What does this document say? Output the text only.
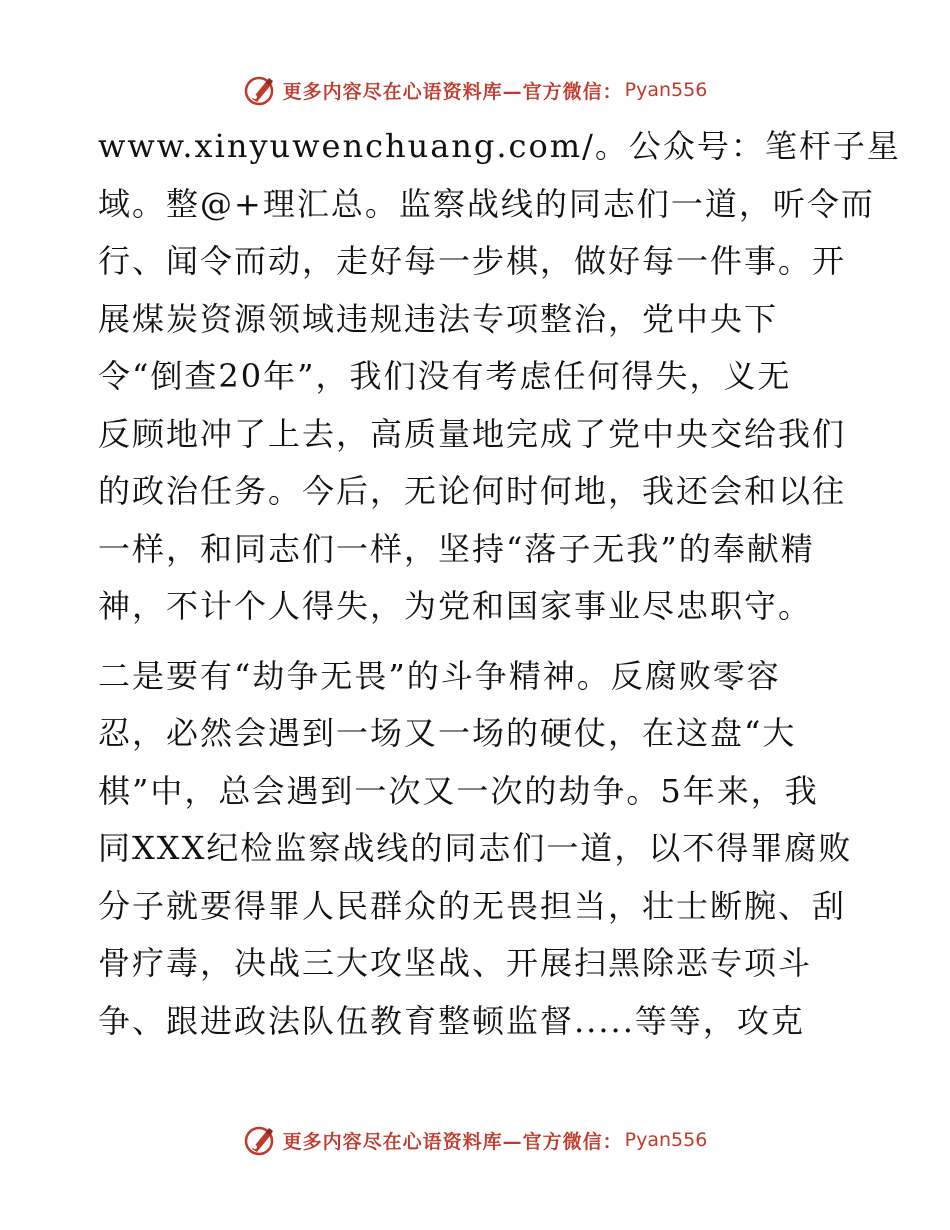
更多内容尽在心语资料库—官方微信： Pyan556
www.xinyuwenchuang.com/。公众号：笔杆子星
域。整@+理汇总。监察战线的同志们一道，听令而
行、闻令而动，走好每一步棋，做好每一件事。开
展煤炭资源领域违规违法专项整治，党中央下
令“倒查20年”，我们没有考虑任何得失，义无
反顾地冲了上去，高质量地完成了党中央交给我们
的政治任务。今后，无论何时何地，我还会和以往
一样，和同志们一样，坚持“落子无我”的奉献精
神，不计个人得失，为党和国家事业尽忠职守。
二是要有“劫争无畏”的斗争精神。反腐败零容
忍，必然会遇到一场又一场的硬仗，在这盘“大
棋”中，总会遇到一次又一次的劫争。5年来，我
同XXX纪检监察战线的同志们一道，以不得罪腐败
分子就要得罪人民群众的无畏担当，壮士断腕、刮
骨疗毒，决战三大攻坚战、开展扫黑除恶专项斗
争、跟进政法队伍教育整顿监督.....等等，攻克
更多内容尽在心语资料库—官方微信： Pyan556
